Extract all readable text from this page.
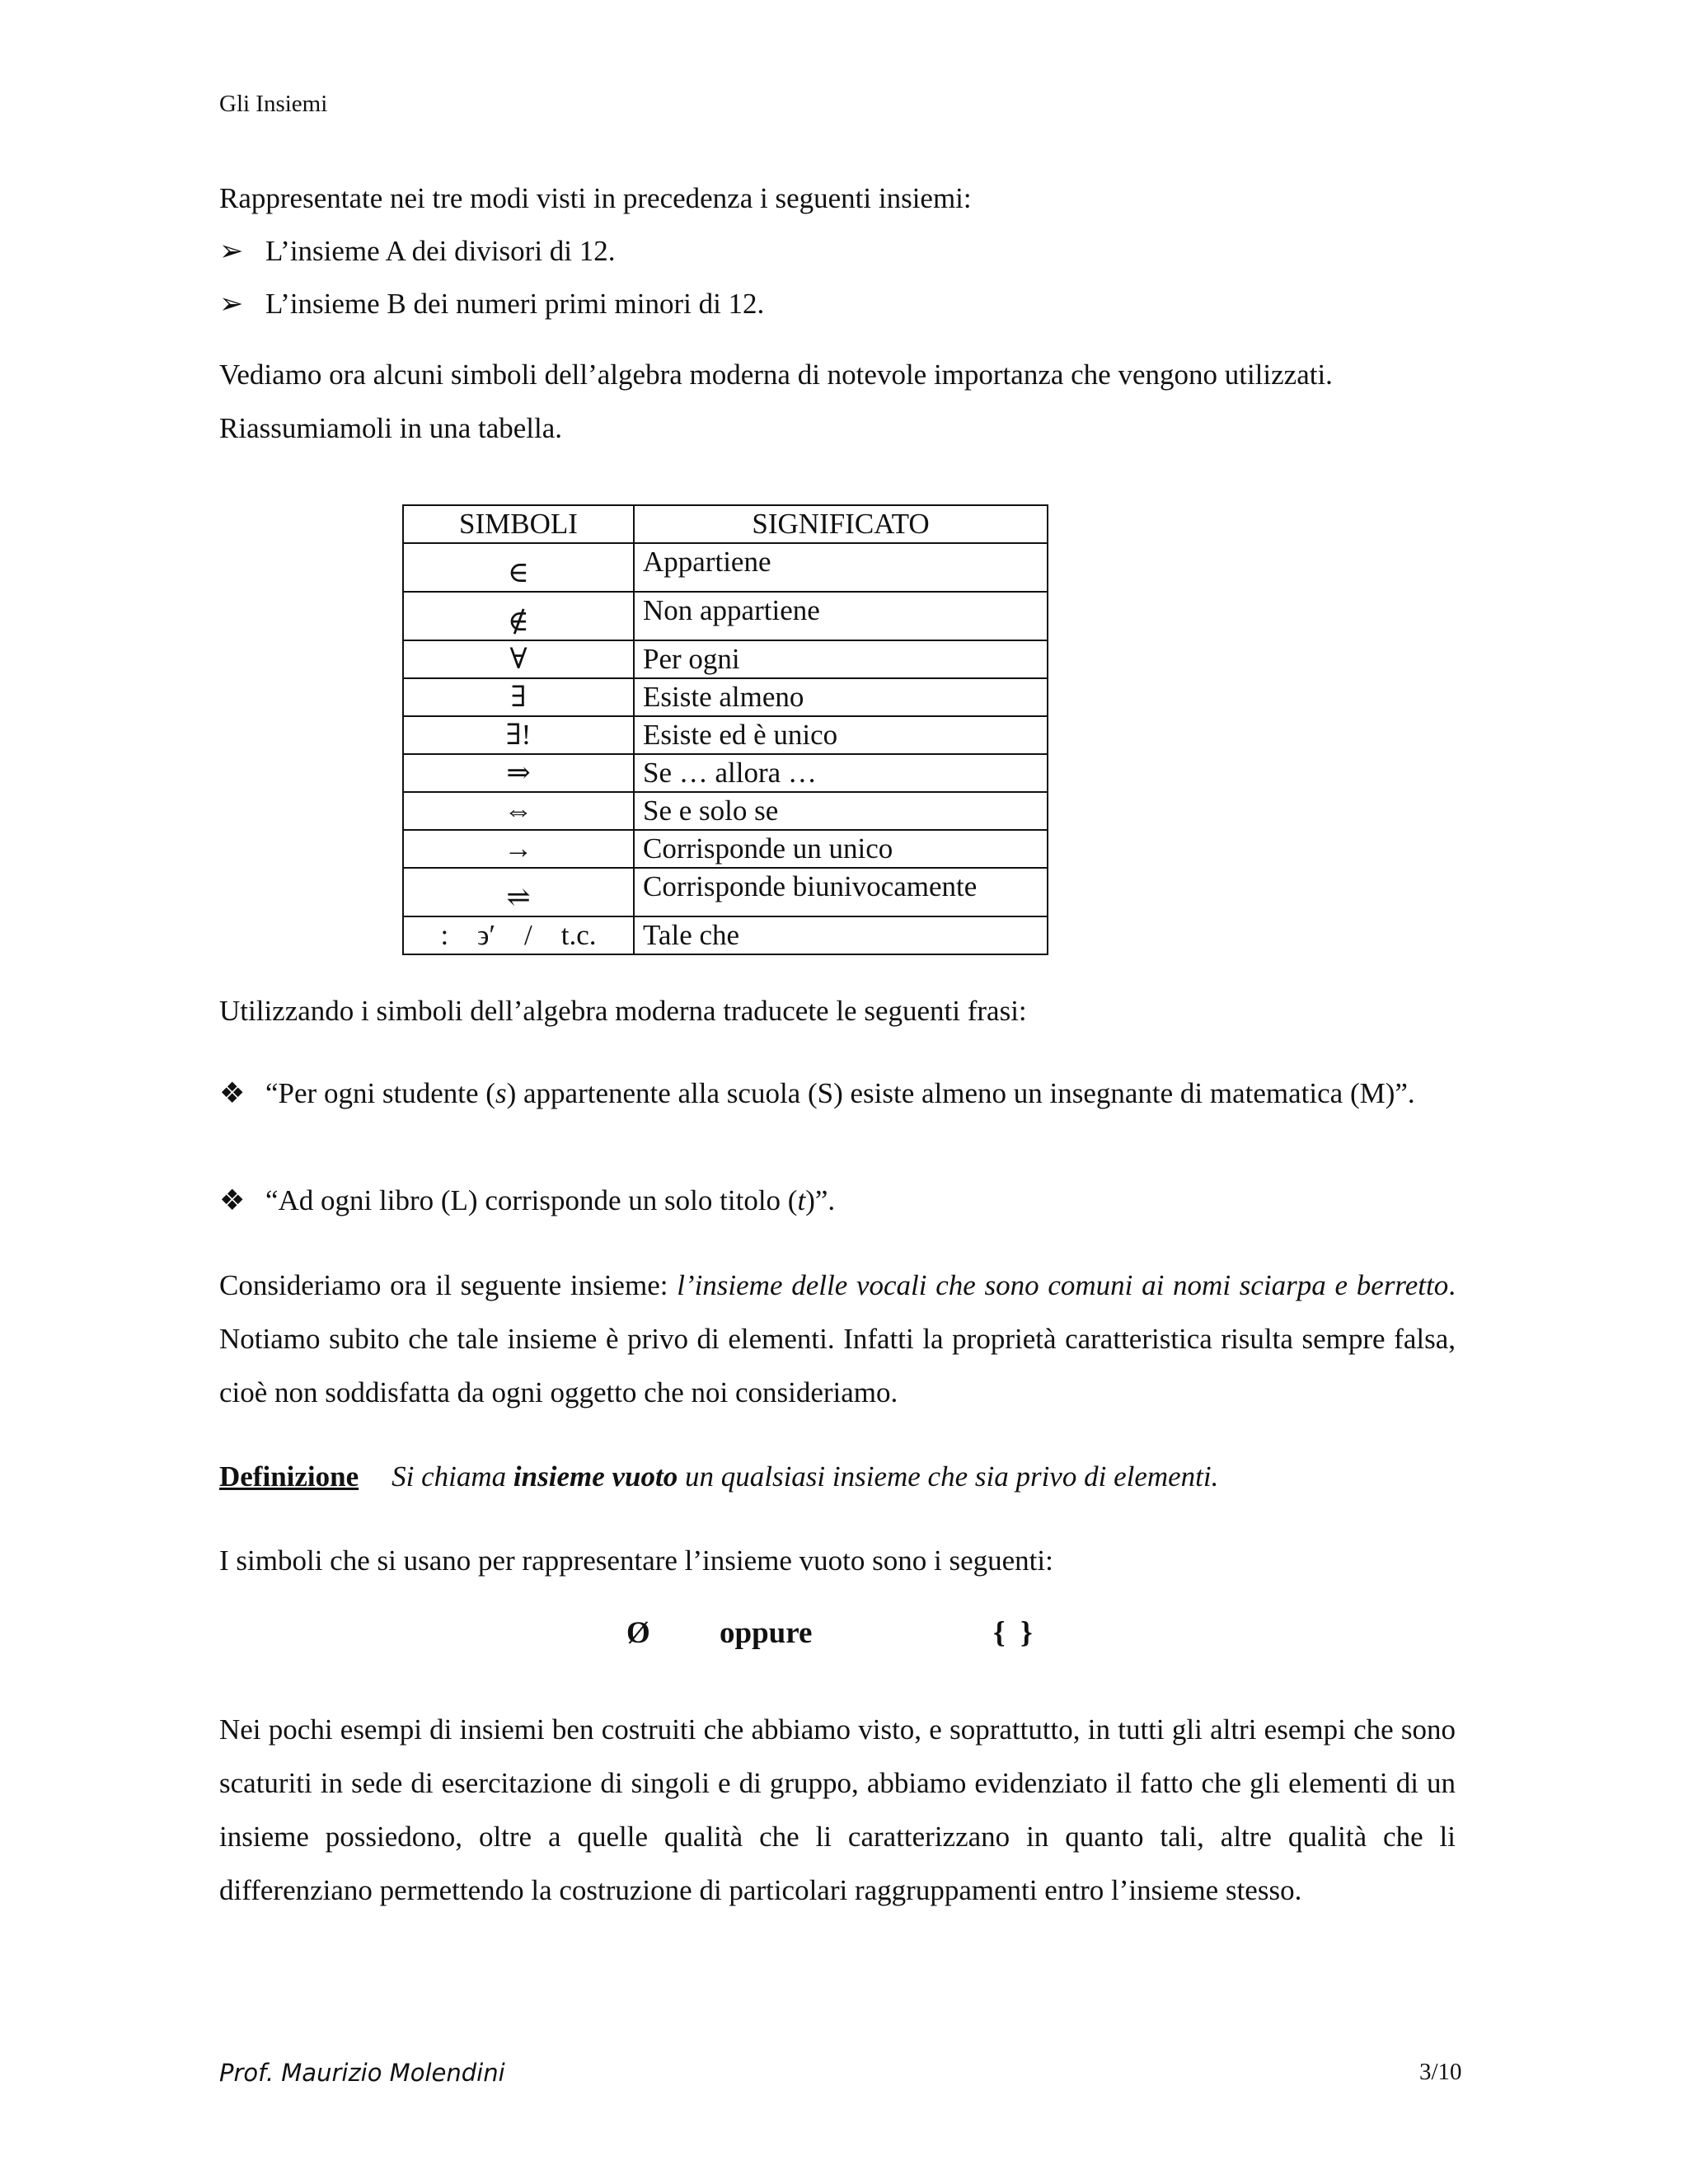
Gli Insiemi
Rappresentate nei tre modi visti in precedenza i seguenti insiemi:
➢ L’insieme A dei divisori di 12.
➢ L’insieme B dei numeri primi minori di 12.
Vediamo ora alcuni simboli dell’algebra moderna di notevole importanza che vengono utilizzati.
Riassumiamoli in una tabella.
SIMBOLI	SIGNIFICATO
∈	Appartiene
∉	Non appartiene
∀	Per ogni
∃	Esiste almeno
∃!	Esiste ed è unico
⇒	Se … allora …
⇔	Se e solo se
→	Corrisponde un unico
⇌	Corrisponde biunivocamente
:    ϶′    /    t.c.	Tale che
Utilizzando i simboli dell’algebra moderna traducete le seguenti frasi:
❖ “Per ogni studente (s) appartenente alla scuola (S) esiste almeno un insegnante di matematica (M)”.
❖ “Ad ogni libro (L) corrisponde un solo titolo (t)”.
Consideriamo ora il seguente insieme: l’insieme delle vocali che sono comuni ai nomi sciarpa e berretto. Notiamo subito che tale insieme è privo di elementi. Infatti la proprietà caratteristica risulta sempre falsa, cioè non soddisfatta da ogni oggetto che noi consideriamo.
Definizione Si chiama insieme vuoto un qualsiasi insieme che sia privo di elementi.
I simboli che si usano per rappresentare l’insieme vuoto sono i seguenti:
Ø oppure	{  }
Nei pochi esempi di insiemi ben costruiti che abbiamo visto, e soprattutto, in tutti gli altri esempi che sono scaturiti in sede di esercitazione di singoli e di gruppo, abbiamo evidenziato il fatto che gli elementi di un insieme possiedono, oltre a quelle qualità che li caratterizzano in quanto tali, altre qualità che li differenziano permettendo la costruzione di particolari raggruppamenti entro l’insieme stesso.
Prof. Maurizio Molendini	3/10
